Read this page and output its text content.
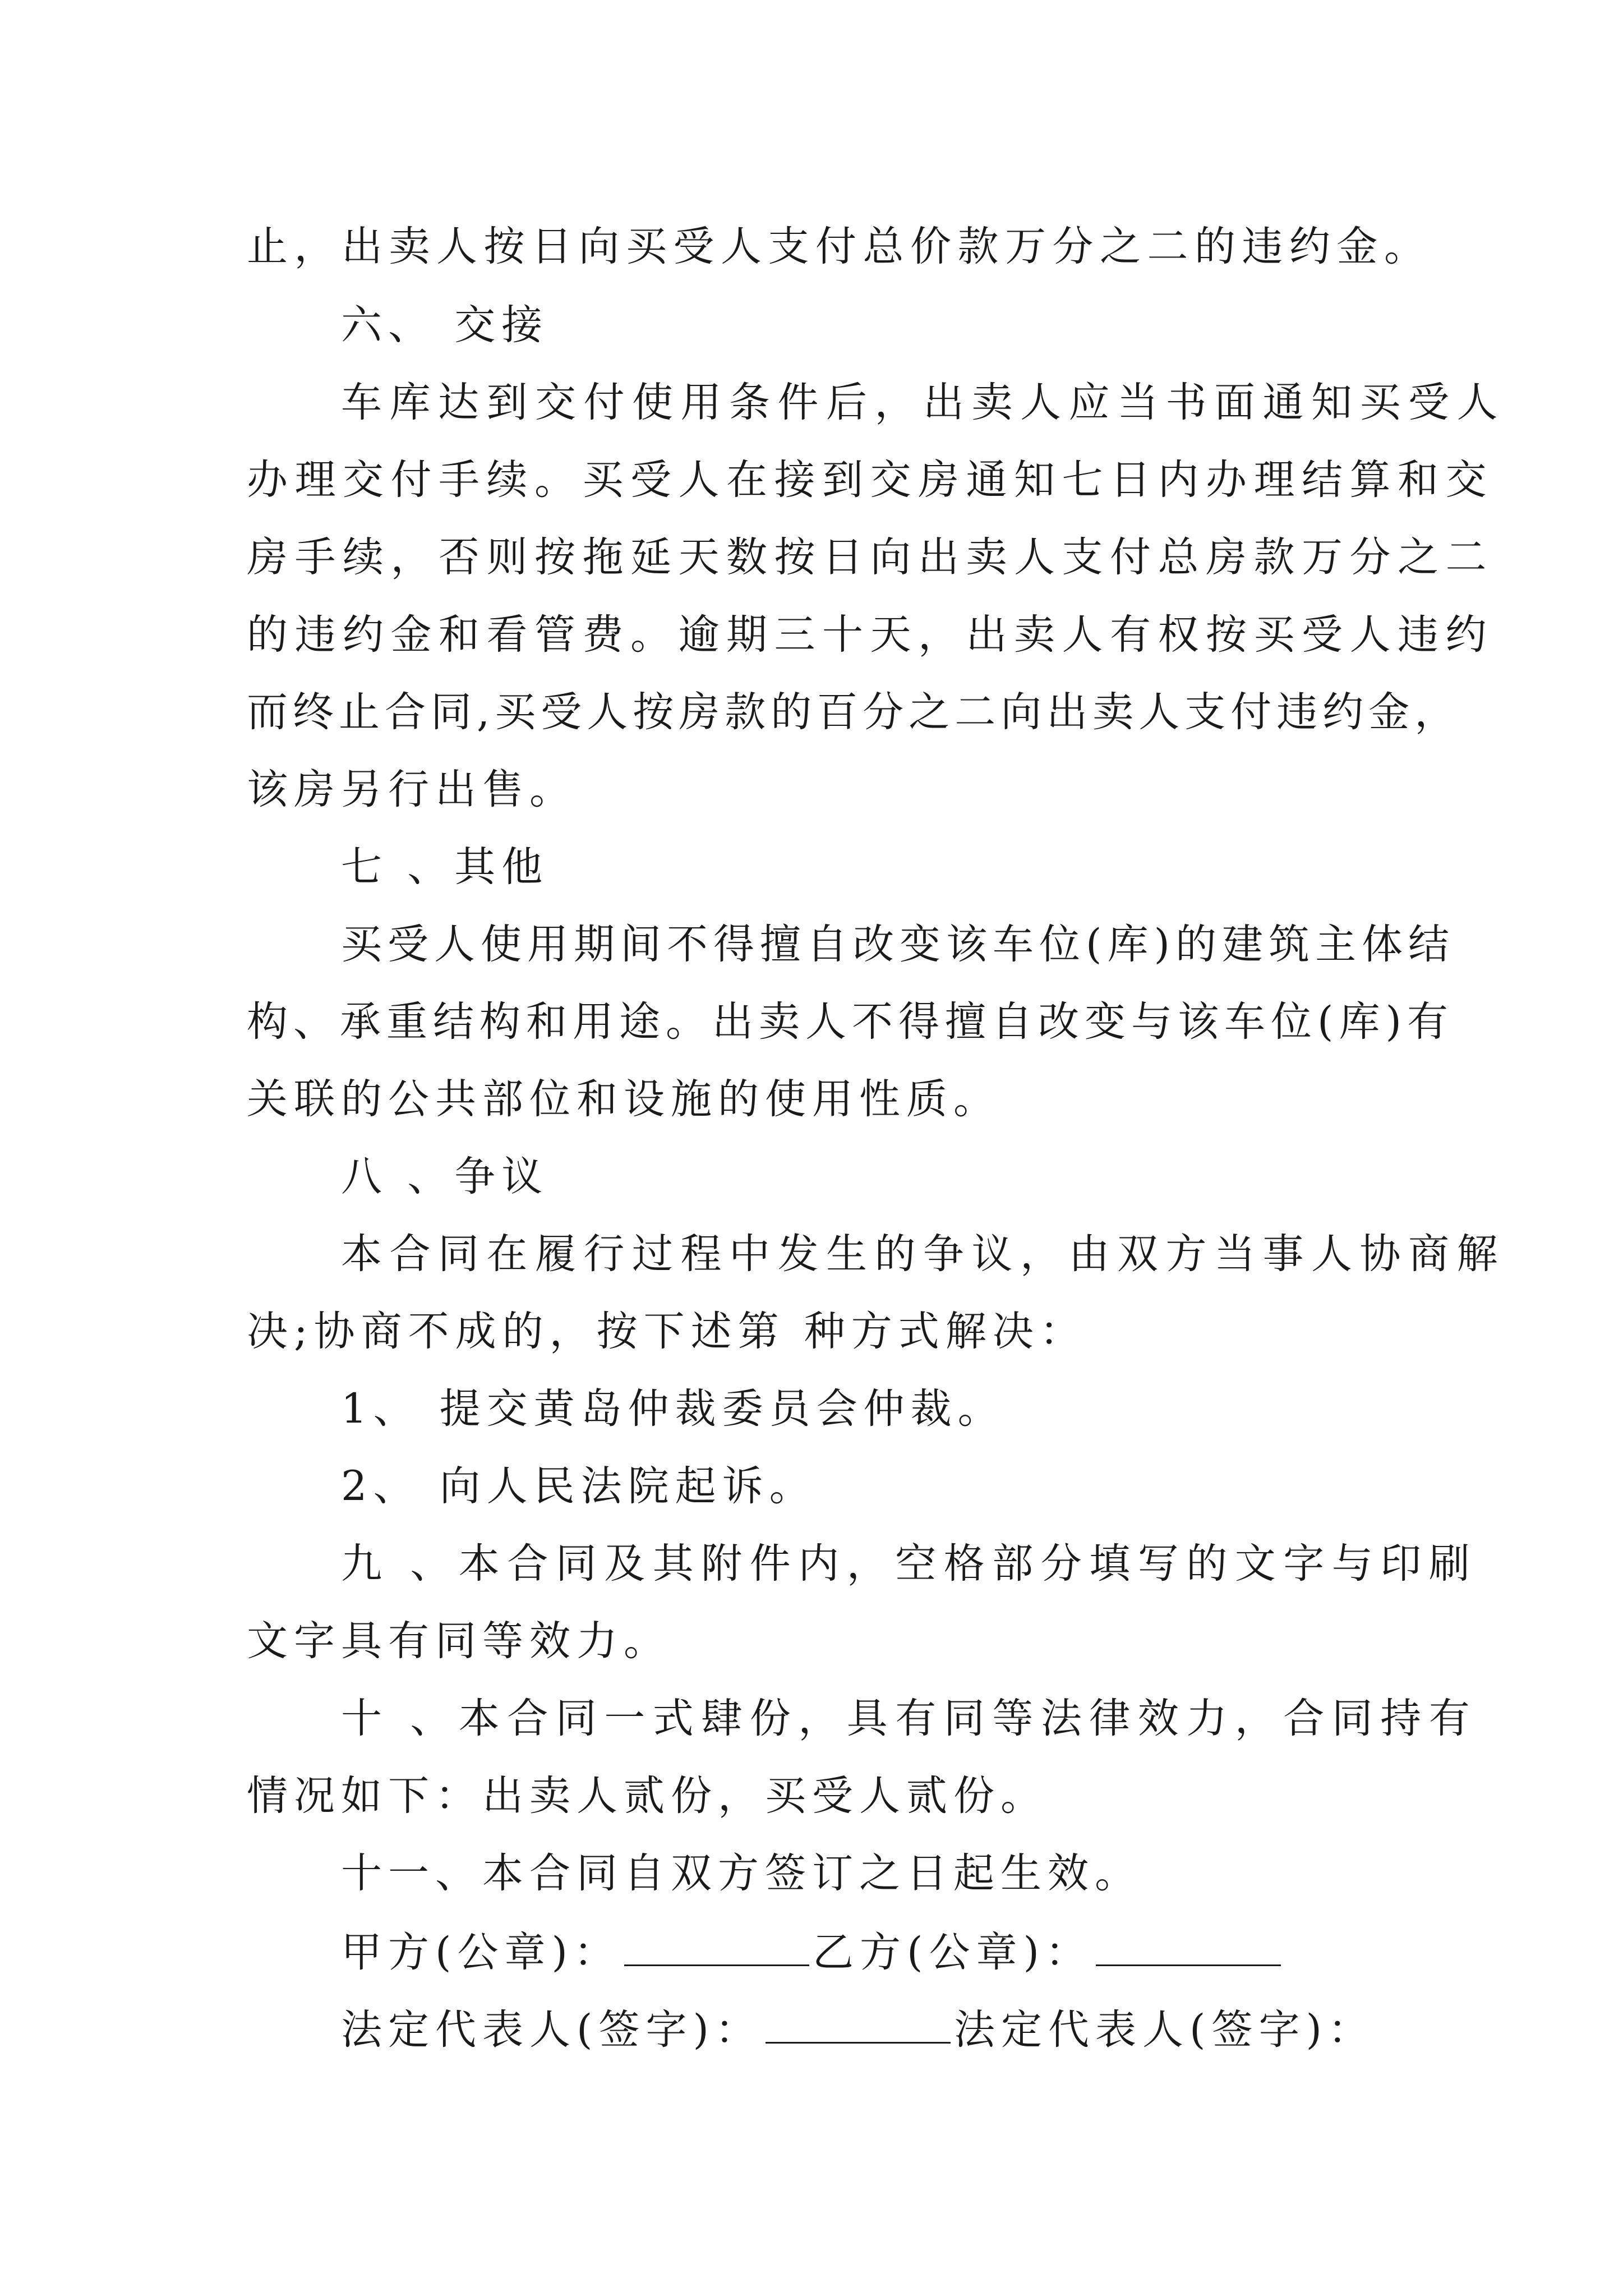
止，出卖人按日向买受人支付总价款万分之二的违约金。
六、 交接
车库达到交付使用条件后，出卖人应当书面通知买受人
办理交付手续。买受人在接到交房通知七日内办理结算和交
房手续，否则按拖延天数按日向出卖人支付总房款万分之二
的违约金和看管费。逾期三十天，出卖人有权按买受人违约
而终止合同,买受人按房款的百分之二向出卖人支付违约金，
该房另行出售。
七 、其他
买受人使用期间不得擅自改变该车位(库)的建筑主体结
构、承重结构和用途。出卖人不得擅自改变与该车位(库)有
关联的公共部位和设施的使用性质。
八 、争议
本合同在履行过程中发生的争议，由双方当事人协商解
决;协商不成的，按下述第 种方式解决：
1、 提交黄岛仲裁委员会仲裁。
2、 向人民法院起诉。
九 、本合同及其附件内，空格部分填写的文字与印刷
文字具有同等效力。
十 、本合同一式肆份，具有同等法律效力，合同持有
情况如下：出卖人贰份，买受人贰份。
十一、本合同自双方签订之日起生效。
甲方(公章)：	乙方(公章)：
法定代表人(签字)：	法定代表人(签字)：
